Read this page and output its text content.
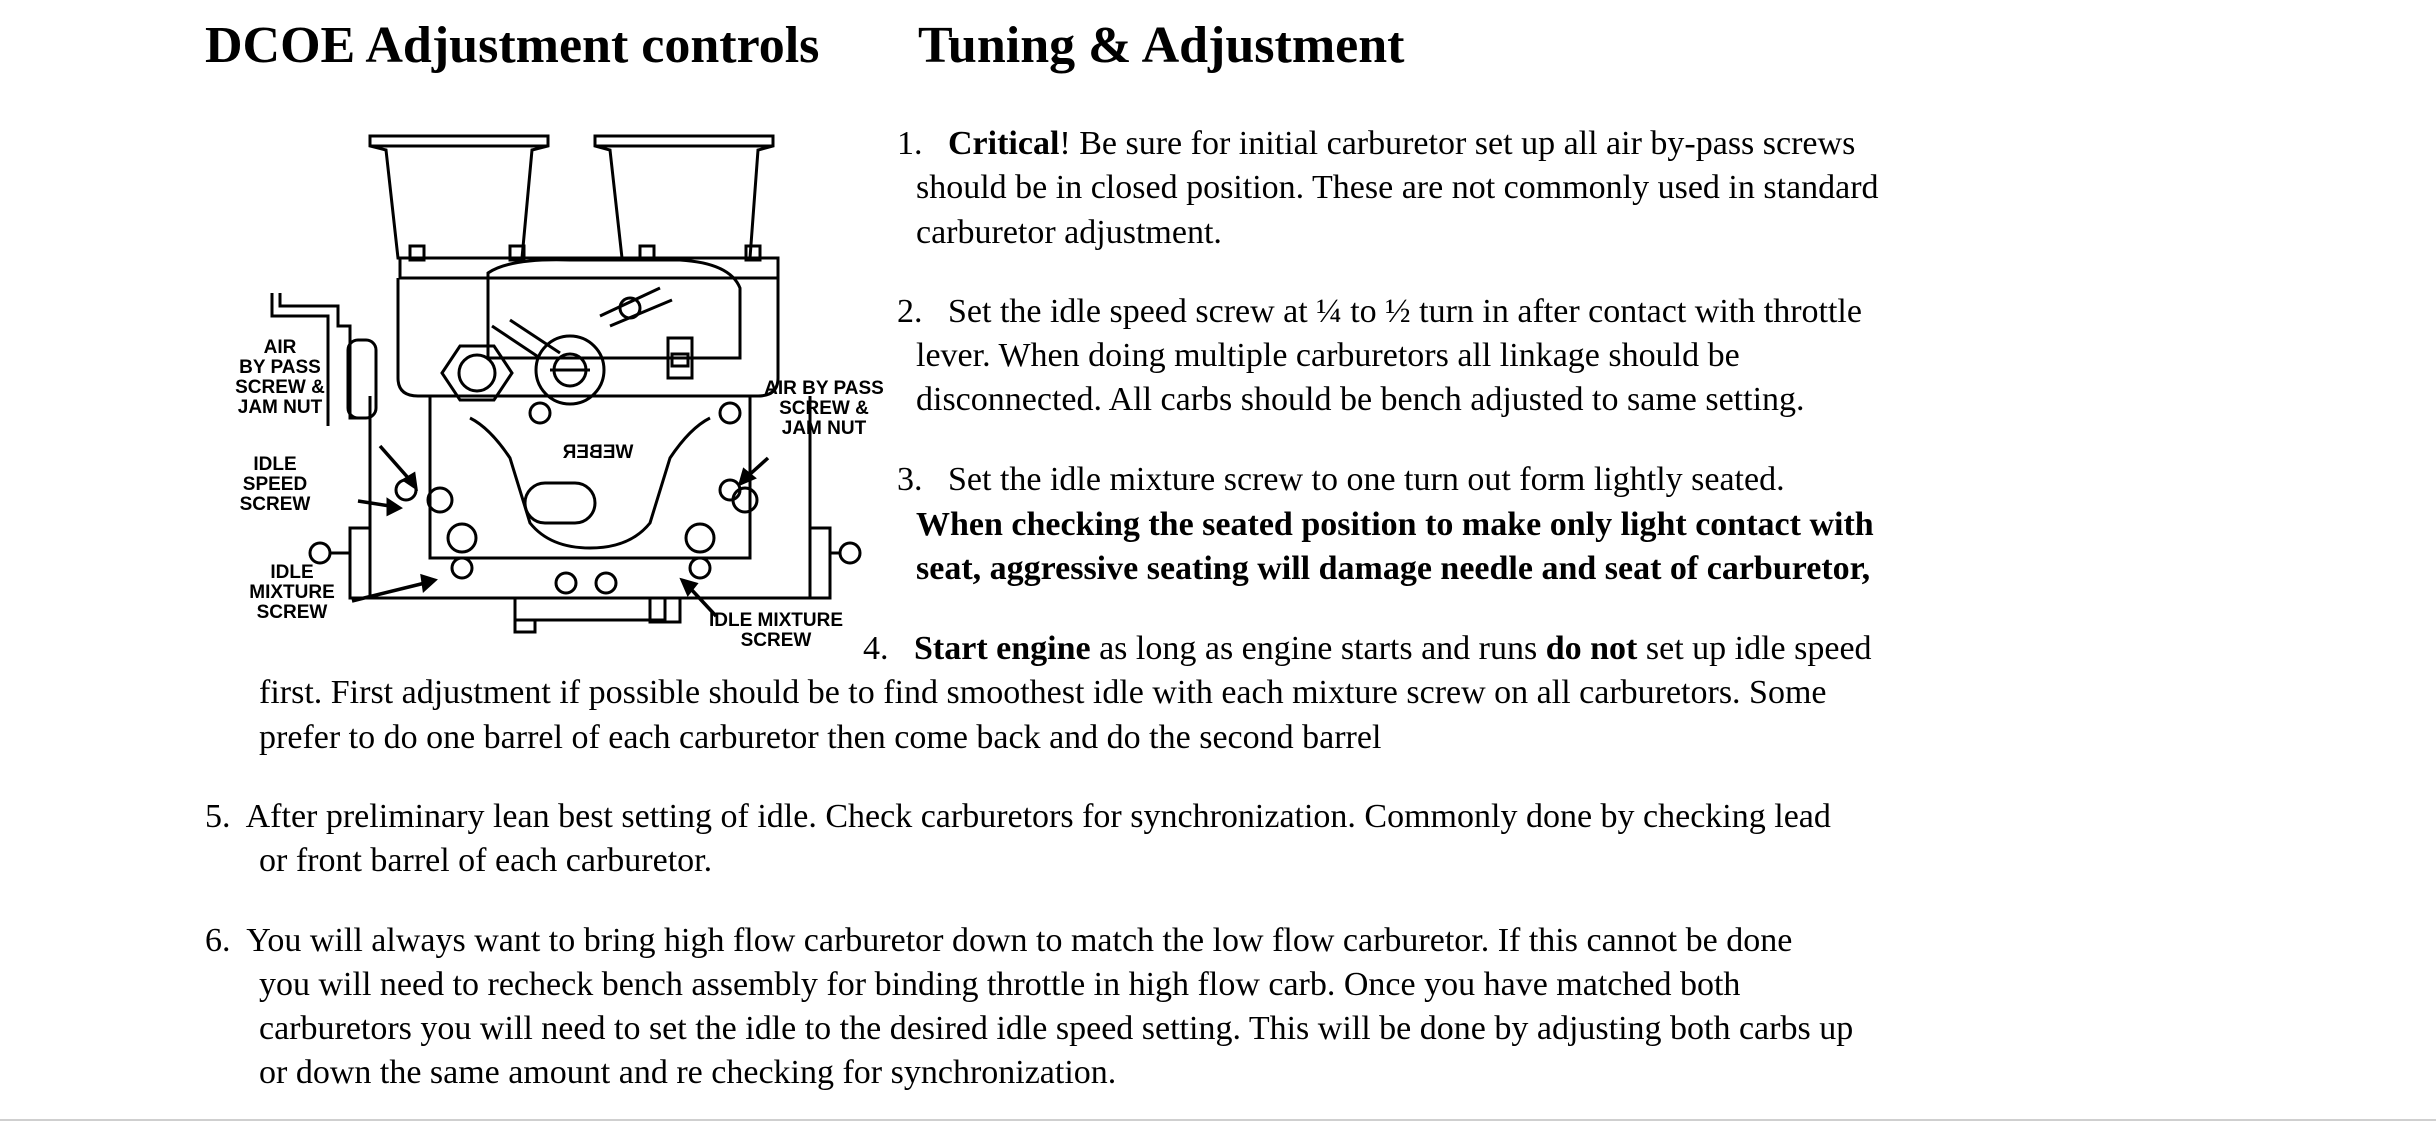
DCOE Adjustment controls Tuning & Adjustment
WEBER
AIR
BY PASS
SCREW &
JAM NUT
IDLE
SPEED
SCREW
IDLE
MIXTURE
SCREW
AIR BY PASS
SCREW &
JAM NUT
IDLE MIXTURE
SCREW
1. Critical! Be sure for initial carburetor set up all air by-pass screws
should be in closed position. These are not commonly used in standard
carburetor adjustment.
2. Set the idle speed screw at ¼ to ½ turn in after contact with throttle
lever. When doing multiple carburetors all linkage should be
disconnected. All carbs should be bench adjusted to same setting.
3. Set the idle mixture screw to one turn out form lightly seated.
When checking the seated position to make only light contact with
seat, aggressive seating will damage needle and seat of carburetor,
4. Start engine as long as engine starts and runs do not set up idle speed
first. First adjustment if possible should be to find smoothest idle with each mixture screw on all carburetors. Some
prefer to do one barrel of each carburetor then come back and do the second barrel
5. After preliminary lean best setting of idle. Check carburetors for synchronization. Commonly done by checking lead
or front barrel of each carburetor.
6. You will always want to bring high flow carburetor down to match the low flow carburetor. If this cannot be done
you will need to recheck bench assembly for binding throttle in high flow carb. Once you have matched both
carburetors you will need to set the idle to the desired idle speed setting. This will be done by adjusting both carbs up
or down the same amount and re checking for synchronization.
